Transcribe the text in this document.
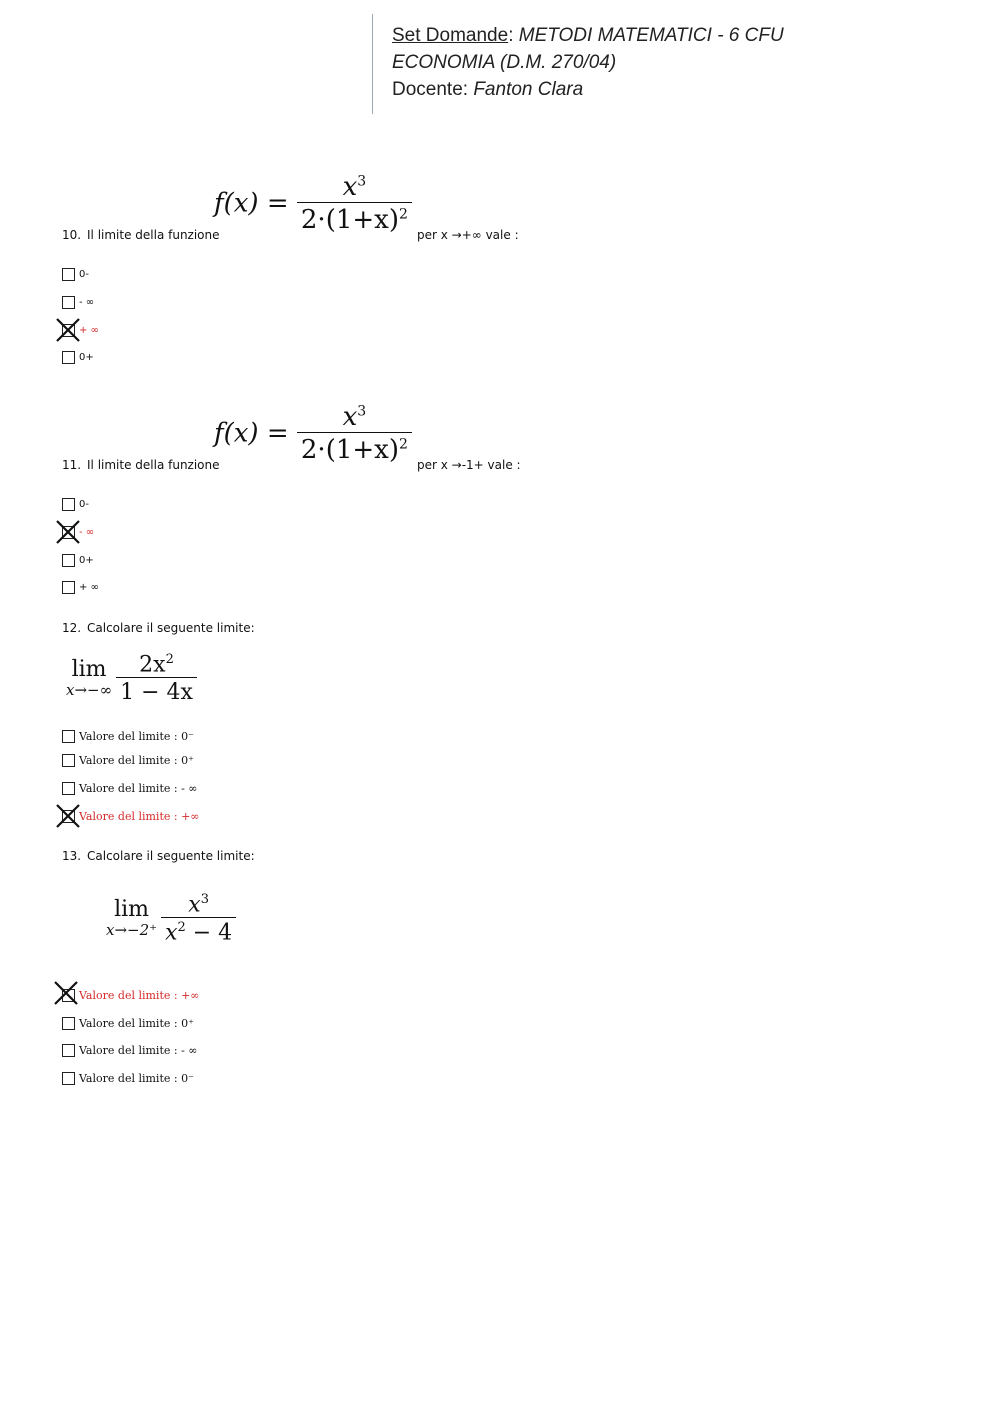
Set Domande: METODI MATEMATICI - 6 CFU
ECONOMIA (D.M. 270/04)
Docente: Fanton Clara
10. Il limite della funzione
$f(x) = \frac{x^3}{2\cdot(1+x)^2}$ per x →+∞ vale :
0-
- ∞
+ ∞
0+
11. Il limite della funzione
$f(x) = \frac{x^3}{2\cdot(1+x)^2}$ per x →-1+ vale :
0-
- ∞
0+
+ ∞
12. Calcolare il seguente limite:
lim
$x\to-\infty \frac{2x^2}{1 - 4x}$
Valore del limite : 0⁻
Valore del limite : 0⁺
Valore del limite : - ∞
Valore del limite : +∞
13. Calcolare il seguente limite:
lim
$x\to-2^+ \frac{x^3}{x^2 - 4}$
Valore del limite : +∞
Valore del limite : 0⁺
Valore del limite : - ∞
Valore del limite : 0⁻
